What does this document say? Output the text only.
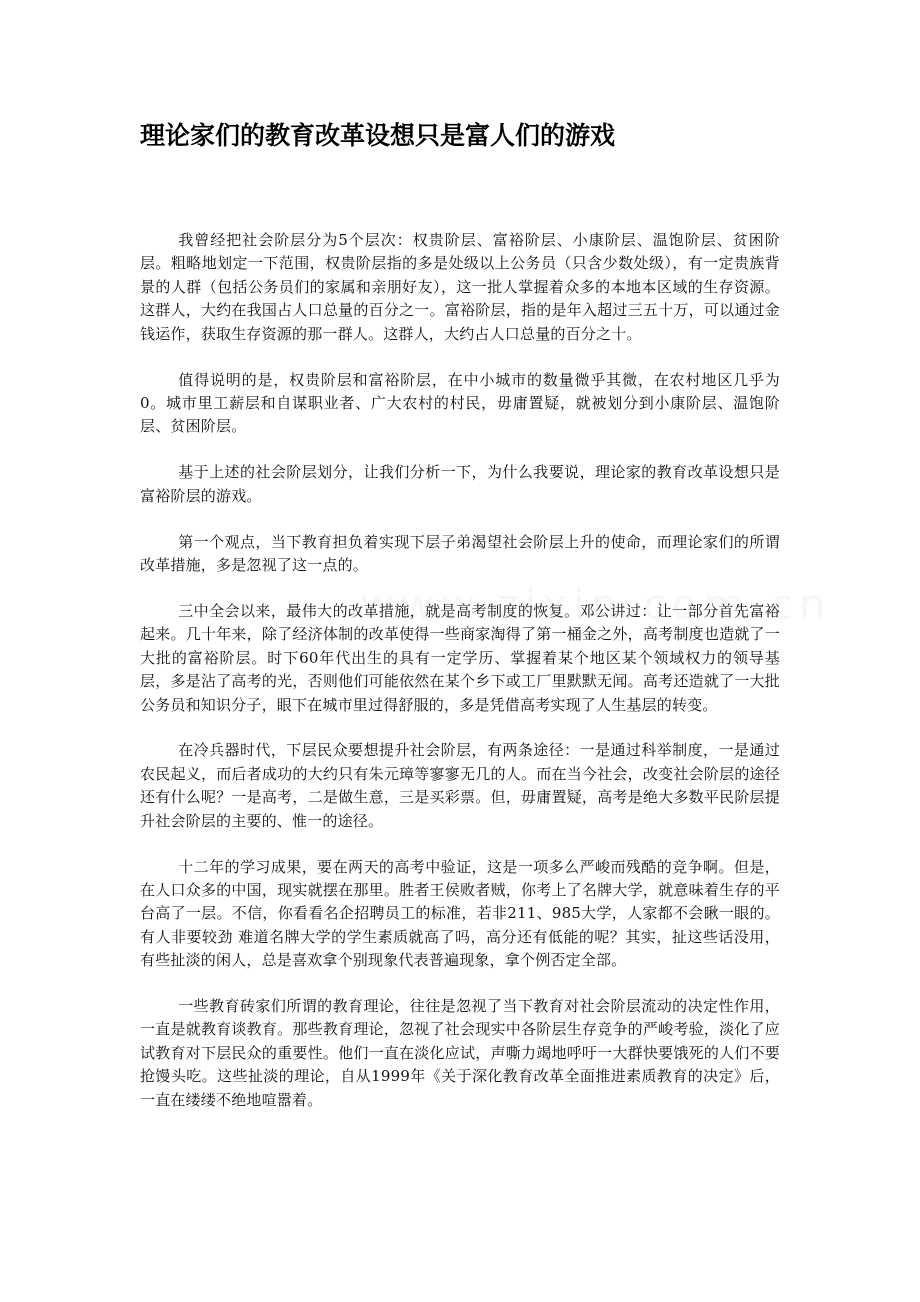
理论家们的教育改革设想只是富人们的游戏

我曾经把社会阶层分为5个层次：权贵阶层、富裕阶层、小康阶层、温饱阶层、贫困阶层。粗略地划定一下范围，权贵阶层指的多是处级以上公务员（只含少数处级），有一定贵族背景的人群（包括公务员们的家属和亲朋好友），这一批人掌握着众多的本地本区域的生存资源。这群人，大约在我国占人口总量的百分之一。富裕阶层，指的是年入超过三五十万，可以通过金钱运作，获取生存资源的那一群人。这群人，大约占人口总量的百分之十。

值得说明的是，权贵阶层和富裕阶层，在中小城市的数量微乎其微，在农村地区几乎为0。城市里工薪层和自谋职业者、广大农村的村民，毋庸置疑，就被划分到小康阶层、温饱阶层、贫困阶层。

基于上述的社会阶层划分，让我们分析一下，为什么我要说，理论家的教育改革设想只是富裕阶层的游戏。

第一个观点，当下教育担负着实现下层子弟渴望社会阶层上升的使命，而理论家们的所谓改革措施，多是忽视了这一点的。

三中全会以来，最伟大的改革措施，就是高考制度的恢复。邓公讲过：让一部分首先富裕起来。几十年来，除了经济体制的改革使得一些商家淘得了第一桶金之外，高考制度也造就了一大批的富裕阶层。时下60年代出生的具有一定学历、掌握着某个地区某个领域权力的领导基层，多是沾了高考的光，否则他们可能依然在某个乡下或工厂里默默无闻。高考还造就了一大批公务员和知识分子，眼下在城市里过得舒服的，多是凭借高考实现了人生基层的转变。

在冷兵器时代，下层民众要想提升社会阶层，有两条途径：一是通过科举制度，一是通过农民起义，而后者成功的大约只有朱元璋等寥寥无几的人。而在当今社会，改变社会阶层的途径还有什么呢？一是高考，二是做生意，三是买彩票。但，毋庸置疑，高考是绝大多数平民阶层提升社会阶层的主要的、惟一的途径。

十二年的学习成果，要在两天的高考中验证，这是一项多么严峻而残酷的竞争啊。但是，在人口众多的中国，现实就摆在那里。胜者王侯败者贼，你考上了名牌大学，就意味着生存的平台高了一层。不信，你看看名企招聘员工的标准，若非211、985大学，人家都不会瞅一眼的。有人非要较劲 难道名牌大学的学生素质就高了吗，高分还有低能的呢？其实，扯这些话没用，有些扯淡的闲人，总是喜欢拿个别现象代表普遍现象，拿个例否定全部。

一些教育砖家们所谓的教育理论，往往是忽视了当下教育对社会阶层流动的决定性作用，一直是就教育谈教育。那些教育理论，忽视了社会现实中各阶层生存竞争的严峻考验，淡化了应试教育对下层民众的重要性。他们一直在淡化应试，声嘶力竭地呼吁一大群快要饿死的人们不要抢馒头吃。这些扯淡的理论，自从1999年《关于深化教育改革全面推进素质教育的决定》后，一直在缕缕不绝地喧嚣着。
